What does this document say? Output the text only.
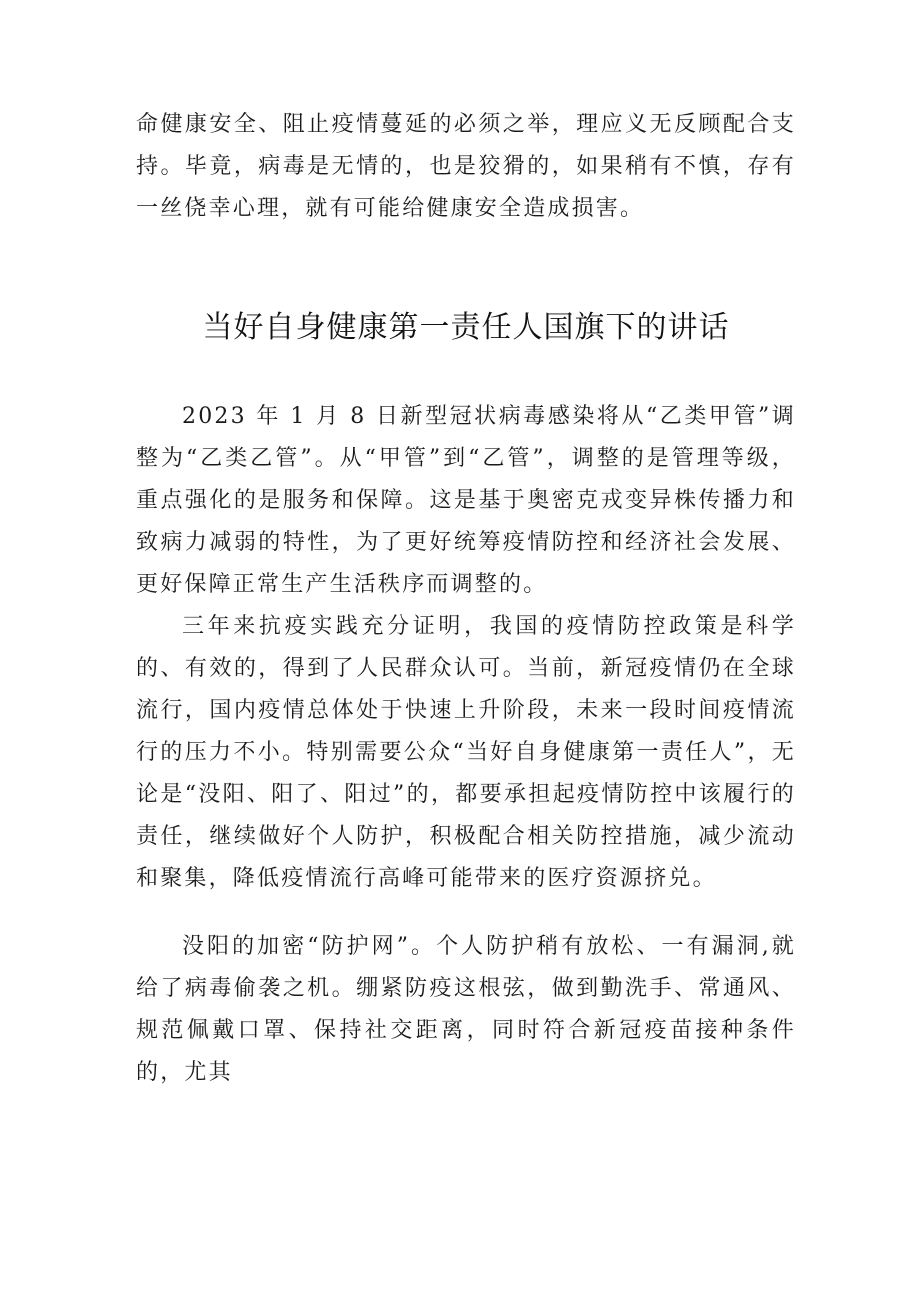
命健康安全、阻止疫情蔓延的必须之举，理应义无反顾配合支持。毕竟，病毒是无情的，也是狡猾的，如果稍有不慎，存有一丝侥幸心理，就有可能给健康安全造成损害。

当好自身健康第一责任人国旗下的讲话

2023 年 1 月 8 日新型冠状病毒感染将从“乙类甲管”调整为“乙类乙管”。从“甲管”到“乙管”，调整的是管理等级，重点强化的是服务和保障。这是基于奥密克戎变异株传播力和致病力减弱的特性，为了更好统筹疫情防控和经济社会发展、更好保障正常生产生活秩序而调整的。

三年来抗疫实践充分证明，我国的疫情防控政策是科学的、有效的，得到了人民群众认可。当前，新冠疫情仍在全球流行，国内疫情总体处于快速上升阶段，未来一段时间疫情流行的压力不小。特别需要公众“当好自身健康第一责任人”，无论是“没阳、阳了、阳过”的，都要承担起疫情防控中该履行的责任，继续做好个人防护，积极配合相关防控措施，减少流动和聚集，降低疫情流行高峰可能带来的医疗资源挤兑。

没阳的加密“防护网”。个人防护稍有放松、一有漏洞,就给了病毒偷袭之机。绷紧防疫这根弦，做到勤洗手、常通风、规范佩戴口罩、保持社交距离，同时符合新冠疫苗接种条件的，尤其
